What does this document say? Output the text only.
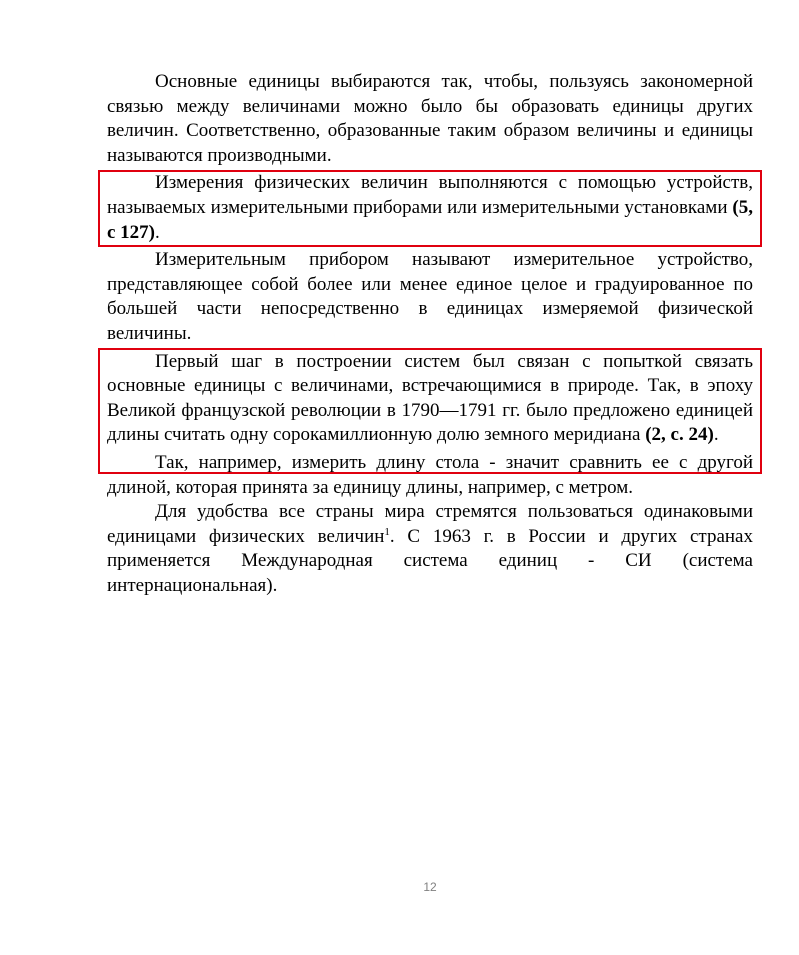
Основные единицы выбираются так, чтобы, пользуясь закономерной связью между величинами можно было бы образовать единицы других величин. Соответственно, образованные таким образом величины и единицы называются производными.

Измерения физических величин выполняются с помощью устройств, называемых измерительными приборами или измерительными установками (5, с 127).

Измерительным прибором называют измерительное устройство, представляющее собой более или менее единое целое и градуированное по большей части непосредственно в единицах измеряемой физической величины.

Первый шаг в построении систем был связан с попыткой связать основные единицы с величинами, встречающимися в природе. Так, в эпоху Великой французской революции в 1790—1791 гг. было предложено единицей длины считать одну сорокамиллионную долю земного меридиана (2, с. 24).

Так, например, измерить длину стола - значит сравнить ее с другой длиной, которая принята за единицу длины, например, с метром.

Для удобства все страны мира стремятся пользоваться одинаковыми единицами физических величин$^1$. С 1963 г. в России и других странах применяется Международная система единиц - СИ (система интернациональная).

12
